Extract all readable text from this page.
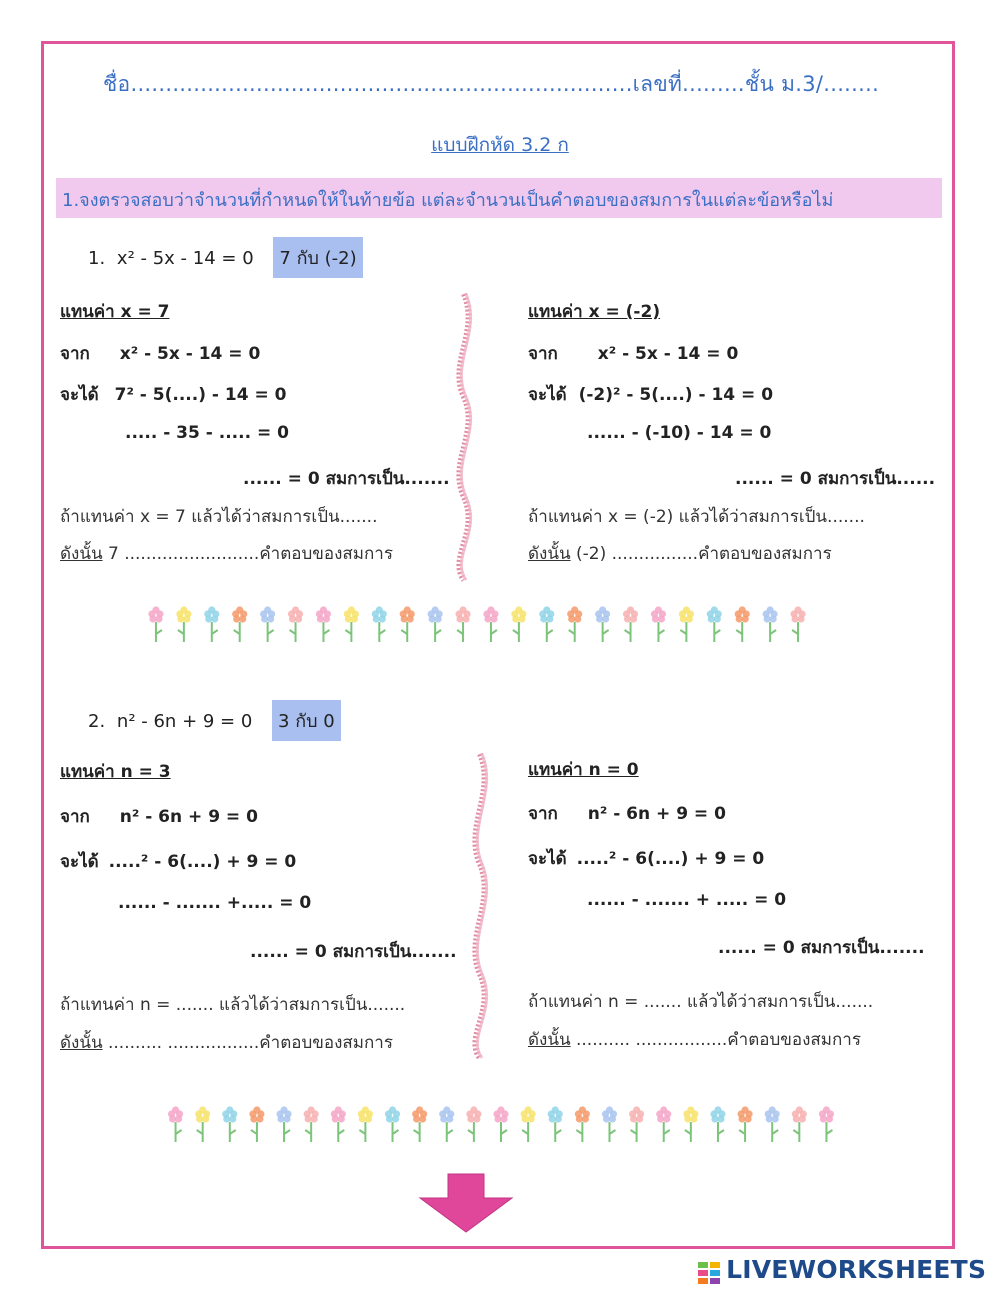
ชื่อ........................................................................เลขที่.........ชั้น ม.3/........
แบบฝึกหัด 3.2 ก
1.จงตรวจสอบว่าจำนวนที่กำหนดให้ในท้ายข้อ แต่ละจำนวนเป็นคำตอบของสมการในแต่ละข้อหรือไม่
1. x² - 5x - 14 = 0 7 กับ (-2)
แทนค่า x = 7
จาก x² - 5x - 14 = 0
จะได้ 7² - 5(....) - 14 = 0
..... - 35 - ..... = 0
...... = 0 สมการเป็น.......
ถ้าแทนค่า x = 7 แล้วได้ว่าสมการเป็น.......
ดังนั้น 7 .........................คำตอบของสมการ
แทนค่า x = (-2)
จาก x² - 5x - 14 = 0
จะได้ (-2)² - 5(....) - 14 = 0
...... - (-10) - 14 = 0
...... = 0 สมการเป็น......
ถ้าแทนค่า x = (-2) แล้วได้ว่าสมการเป็น.......
ดังนั้น (-2) ................คำตอบของสมการ
2. n² - 6n + 9 = 0 3 กับ 0
แทนค่า n = 3
จาก n² - 6n + 9 = 0
จะได้ .....² - 6(....) + 9 = 0
...... - ....... +..... = 0
...... = 0 สมการเป็น.......
ถ้าแทนค่า n = ....... แล้วได้ว่าสมการเป็น.......
ดังนั้น .......... .................คำตอบของสมการ
แทนค่า n = 0
จาก n² - 6n + 9 = 0
จะได้ .....² - 6(....) + 9 = 0
...... - ....... + ..... = 0
...... = 0 สมการเป็น.......
ถ้าแทนค่า n = ....... แล้วได้ว่าสมการเป็น.......
ดังนั้น .......... .................คำตอบของสมการ
LIVEWORKSHEETS
